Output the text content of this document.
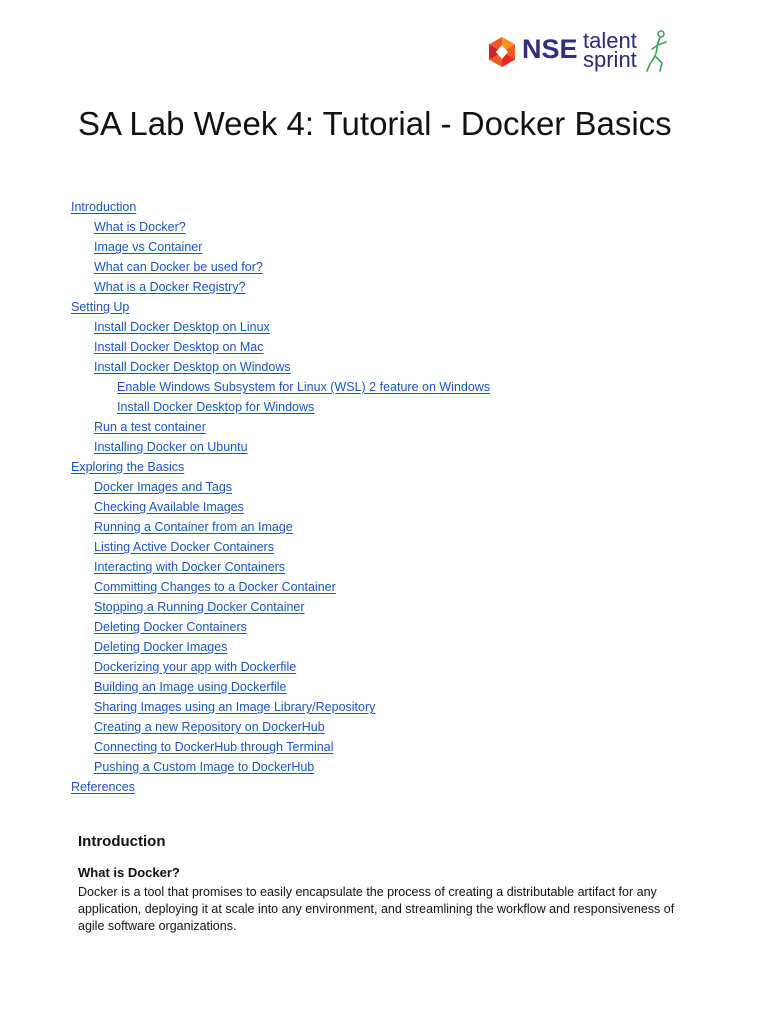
NSE talent
sprint
SA Lab Week 4: Tutorial - Docker Basics
Introduction
What is Docker?
Image vs Container
What can Docker be used for?
What is a Docker Registry?
Setting Up
Install Docker Desktop on Linux
Install Docker Desktop on Mac
Install Docker Desktop on Windows
Enable Windows Subsystem for Linux (WSL) 2 feature on Windows
Install Docker Desktop for Windows
Run a test container
Installing Docker on Ubuntu
Exploring the Basics
Docker Images and Tags
Checking Available Images
Running a Container from an Image
Listing Active Docker Containers
Interacting with Docker Containers
Committing Changes to a Docker Container
Stopping a Running Docker Container
Deleting Docker Containers
Deleting Docker Images
Dockerizing your app with Dockerfile
Building an Image using Dockerfile
Sharing Images using an Image Library/Repository
Creating a new Repository on DockerHub
Connecting to DockerHub through Terminal
Pushing a Custom Image to DockerHub
References
Introduction
What is Docker?

Docker is a tool that promises to easily encapsulate the process of creating a distributable artifact for any application, deploying it at scale into any environment, and streamlining the workflow and responsiveness of agile software organizations.
